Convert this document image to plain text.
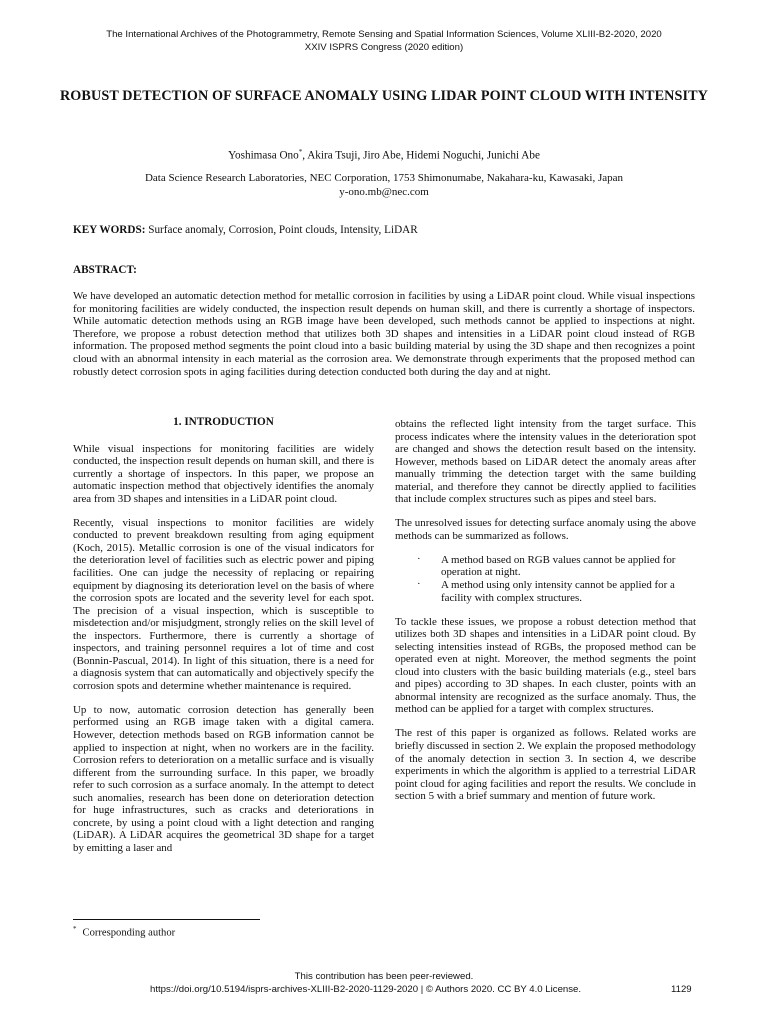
The International Archives of the Photogrammetry, Remote Sensing and Spatial Information Sciences, Volume XLIII-B2-2020, 2020
XXIV ISPRS Congress (2020 edition)
ROBUST DETECTION OF SURFACE ANOMALY USING LIDAR POINT CLOUD WITH INTENSITY
Yoshimasa Ono*, Akira Tsuji, Jiro Abe, Hidemi Noguchi, Junichi Abe
Data Science Research Laboratories, NEC Corporation, 1753 Shimonumabe, Nakahara-ku, Kawasaki, Japan
y-ono.mb@nec.com
KEY WORDS: Surface anomaly, Corrosion, Point clouds, Intensity, LiDAR
ABSTRACT:

We have developed an automatic detection method for metallic corrosion in facilities by using a LiDAR point cloud. While visual inspections for monitoring facilities are widely conducted, the inspection result depends on human skill, and there is currently a shortage of inspectors. While automatic detection methods using an RGB image have been developed, such methods cannot be applied to inspections at night. Therefore, we propose a robust detection method that utilizes both 3D shapes and intensities in a LiDAR point cloud instead of RGB information. The proposed method segments the point cloud into a basic building material by using the 3D shape and then recognizes a point cloud with an abnormal intensity in each material as the corrosion area. We demonstrate through experiments that the proposed method can robustly detect corrosion spots in aging facilities during detection conducted both during the day and at night.

1. INTRODUCTION

While visual inspections for monitoring facilities are widely conducted, the inspection result depends on human skill, and there is currently a shortage of inspectors. In this paper, we propose an automatic inspection method that objectively identifies the anomaly area from 3D shapes and intensities in a LiDAR point cloud.

Recently, visual inspections to monitor facilities are widely conducted to prevent breakdown resulting from aging equipment (Koch, 2015). Metallic corrosion is one of the visual indicators for the deterioration level of facilities such as electric power and piping facilities. One can judge the necessity of replacing or repairing equipment by diagnosing its deterioration level on the basis of where the corrosion spots are located and the severity level for each spot. The precision of a visual inspection, which is susceptible to misdetection and/or misjudgment, strongly relies on the skill level of the inspectors. Furthermore, there is currently a shortage of inspectors, and training personnel requires a lot of time and cost (Bonnin-Pascual, 2014). In light of this situation, there is a need for a diagnosis system that can automatically and objectively specify the corrosion spots and determine whether maintenance is required.

Up to now, automatic corrosion detection has generally been performed using an RGB image taken with a digital camera. However, detection methods based on RGB information cannot be applied to inspection at night, when no workers are in the facility. Corrosion refers to deterioration on a metallic surface and is visually different from the surrounding surface. In this paper, we broadly refer to such corrosion as a surface anomaly. In the attempt to detect such anomalies, research has been done on deterioration detection for huge infrastructures, such as cracks and deteriorations in concrete, by using a point cloud with a light detection and ranging (LiDAR). A LiDAR acquires the geometrical 3D shape for a target by emitting a laser and

obtains the reflected light intensity from the target surface. This process indicates where the intensity values in the deterioration spot are changed and shows the detection result based on the intensity. However, methods based on LiDAR detect the anomaly areas after manually trimming the detection target with the same building material, and therefore they cannot be directly applied to facilities that include complex structures such as pipes and steel bars.

The unresolved issues for detecting surface anomaly using the above methods can be summarized as follows.

· A method based on RGB values cannot be applied for operation at night.
· A method using only intensity cannot be applied for a facility with complex structures.

To tackle these issues, we propose a robust detection method that utilizes both 3D shapes and intensities in a LiDAR point cloud. By selecting intensities instead of RGBs, the proposed method can be operated even at night. Moreover, the method segments the point cloud into clusters with the basic building materials (e.g., steel bars and pipes) according to 3D shapes. In each cluster, points with an abnormal intensity are recognized as the surface anomaly. Thus, the method can be applied for a target with complex structures.

The rest of this paper is organized as follows. Related works are briefly discussed in section 2. We explain the proposed methodology of the anomaly detection in section 3. In section 4, we describe experiments in which the algorithm is applied to a terrestrial LiDAR point cloud for aging facilities and report the results. We conclude in section 5 with a brief summary and mention of future work.

* Corresponding author
This contribution has been peer-reviewed.
https://doi.org/10.5194/isprs-archives-XLIII-B2-2020-1129-2020 | © Authors 2020. CC BY 4.0 License.	1129
